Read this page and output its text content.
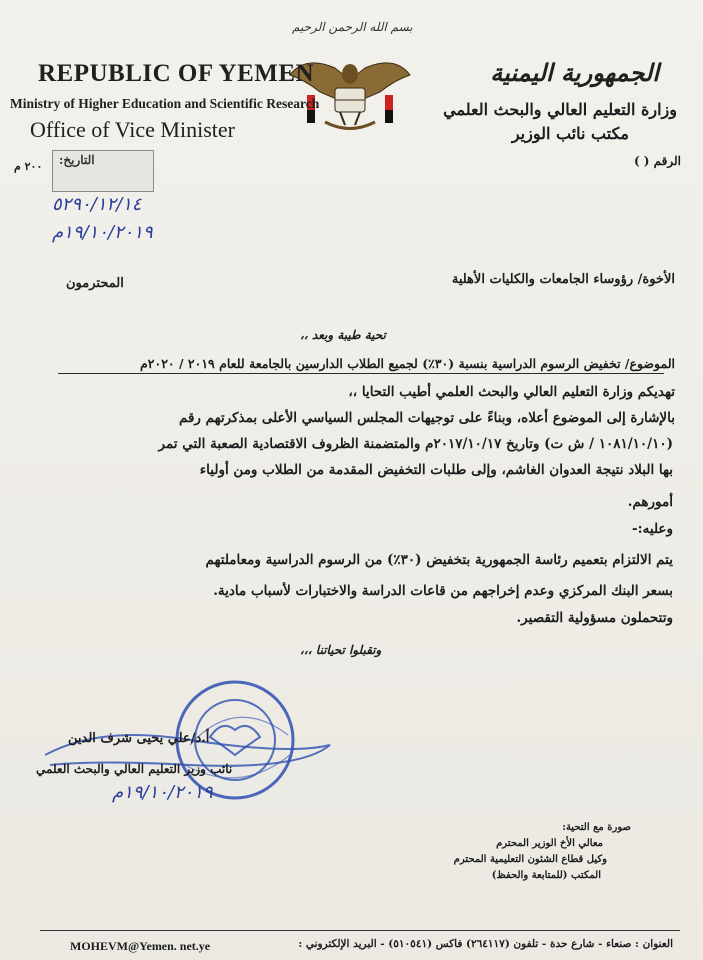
بسم الله الرحمن الرحيم
REPUBLIC OF YEMEN
Ministry of Higher Education and Scientific Research
Office of Vice Minister
الجمهورية اليمنية
وزارة التعليم العالي والبحث العلمي
مكتب نائب الوزير
الرقم ( )
٢٠٠ م التاريخ:
٥٢٩٠/١٢/١٤
١٩/١٠/٢٠١٩م
الأخوة/ رؤوساء الجامعات والكليات الأهلية
المحترمون
تحية طيبة وبعد ،،
الموضوع/ تخفيض الرسوم الدراسية بنسبة (٣٠٪) لجميع الطلاب الدارسين بالجامعة للعام ٢٠١٩ / ٢٠٢٠م
تهديكم وزارة التعليم العالي والبحث العلمي أطيب التحايا ،،
بالإشارة إلى الموضوع أعلاه، وبناءً على توجيهات المجلس السياسي الأعلى بمذكرتهم رقم
(١٠٨١/١٠/١٠ / ش ت) وتاريخ ٢٠١٧/١٠/١٧م والمتضمنة الظروف الاقتصادية الصعبة التي تمر
بها البلاد نتيجة العدوان الغاشم، وإلى طلبات التخفيض المقدمة من الطلاب ومن أولياء
أمورهم.
وعليه:-
يتم الالتزام بتعميم رئاسة الجمهورية بتخفيض (٣٠٪) من الرسوم الدراسية ومعاملتهم
بسعر البنك المركزي وعدم إخراجهم من قاعات الدراسة والاختبارات لأسباب مادية.
وتتحملون مسؤولية التقصير.
وتقبلوا تحياتنا ،،،
أ.د/علي يحيى شرف الدين
نائب وزير التعليم العالي والبحث العلمي
١٩/١٠/٢٠١٩م
صورة مع التحية:
معالي الأخ الوزير المحترم
وكيل قطاع الشئون التعليمية المحترم
المكتب (للمتابعة والحفظ)
العنوان : صنعاء - شارع حدة - تلفون (٢٦٤١١٧) فاكس (٥١٠٥٤١) - البريد الإلكتروني :
MOHEVM@Yemen. net.ye
